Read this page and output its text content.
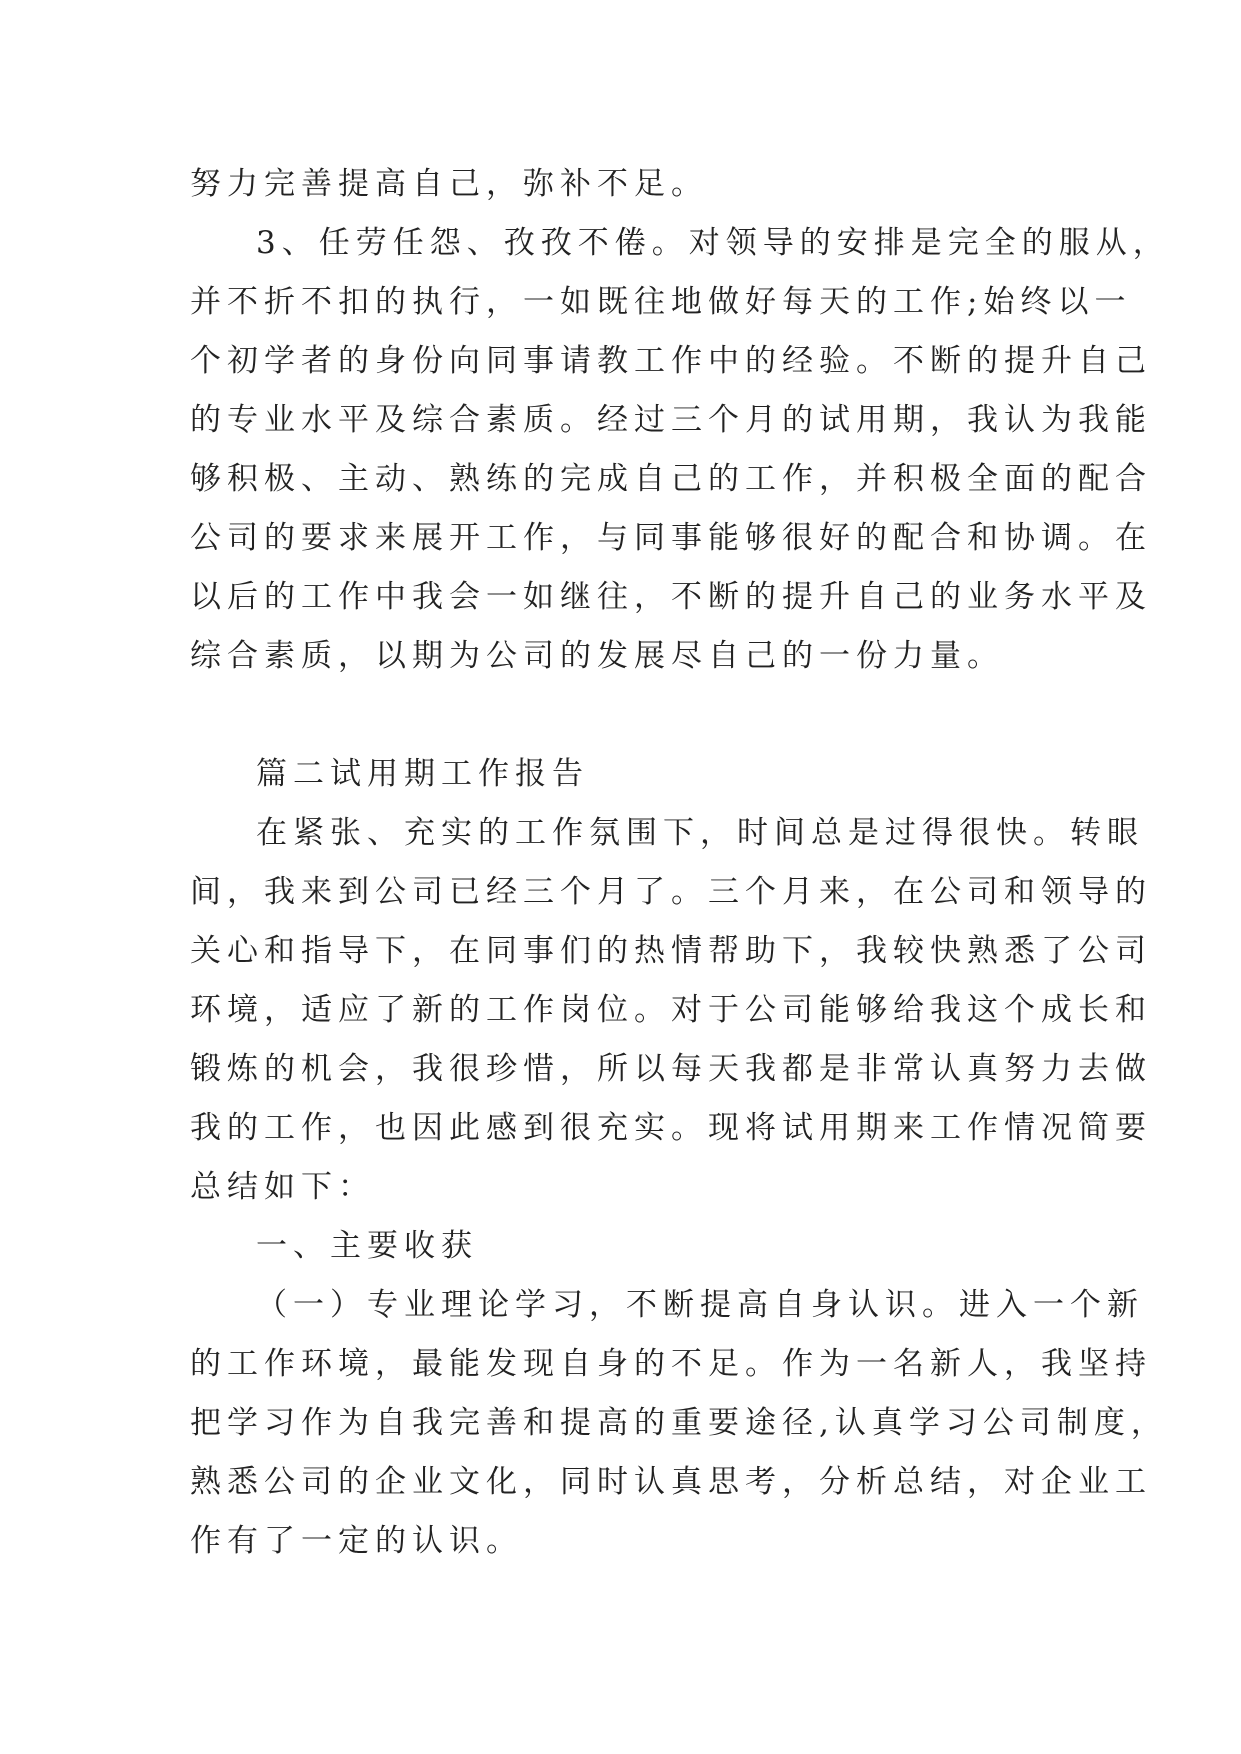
努力完善提高自己，弥补不足。

3、任劳任怨、孜孜不倦。对领导的安排是完全的服从，

并不折不扣的执行，一如既往地做好每天的工作;始终以一

个初学者的身份向同事请教工作中的经验。不断的提升自己

的专业水平及综合素质。经过三个月的试用期，我认为我能

够积极、主动、熟练的完成自己的工作，并积极全面的配合

公司的要求来展开工作，与同事能够很好的配合和协调。在

以后的工作中我会一如继往，不断的提升自己的业务水平及

综合素质，以期为公司的发展尽自己的一份力量。

篇二试用期工作报告

在紧张、充实的工作氛围下，时间总是过得很快。转眼

间，我来到公司已经三个月了。三个月来，在公司和领导的

关心和指导下，在同事们的热情帮助下，我较快熟悉了公司

环境，适应了新的工作岗位。对于公司能够给我这个成长和

锻炼的机会，我很珍惜，所以每天我都是非常认真努力去做

我的工作，也因此感到很充实。现将试用期来工作情况简要

总结如下：

一、主要收获

（一）专业理论学习，不断提高自身认识。进入一个新

的工作环境，最能发现自身的不足。作为一名新人，我坚持

把学习作为自我完善和提高的重要途径,认真学习公司制度，

熟悉公司的企业文化，同时认真思考，分析总结，对企业工

作有了一定的认识。
